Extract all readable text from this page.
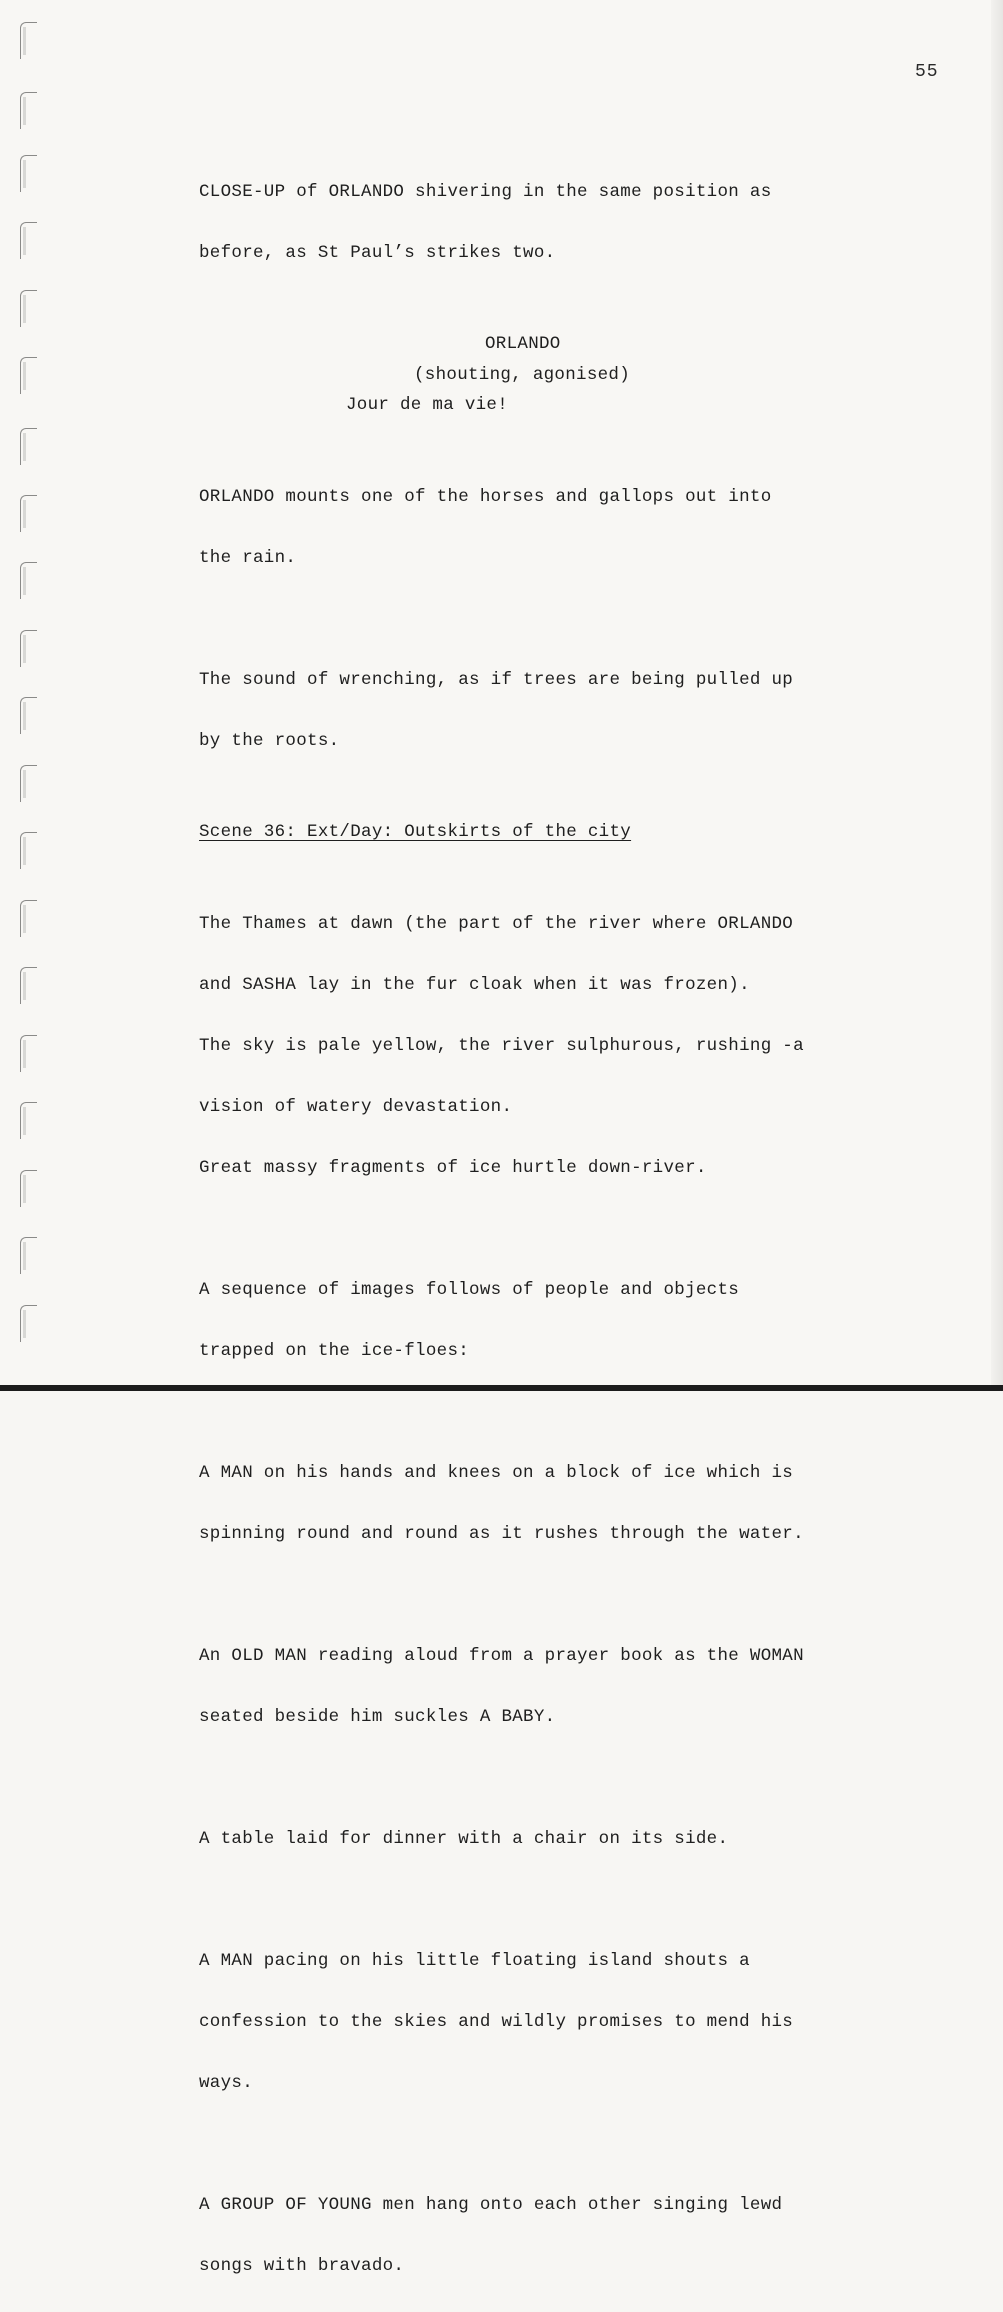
55

CLOSE-UP of ORLANDO shivering in the same position as

before, as St Paul’s strikes two.

ORLANDO

(shouting, agonised)

Jour de ma vie!

ORLANDO mounts one of the horses and gallops out into

the rain.

The sound of wrenching, as if trees are being pulled up

by the roots.

Scene 36: Ext/Day: Outskirts of the city

The Thames at dawn (the part of the river where ORLANDO

and SASHA lay in the fur cloak when it was frozen).

The sky is pale yellow, the river sulphurous, rushing -a

vision of watery devastation.

Great massy fragments of ice hurtle down-river.

A sequence of images follows of people and objects

trapped on the ice-floes:

A MAN on his hands and knees on a block of ice which is

spinning round and round as it rushes through the water.

An OLD MAN reading aloud from a prayer book as the WOMAN

seated beside him suckles A BABY.

A table laid for dinner with a chair on its side.

A MAN pacing on his little floating island shouts a

confession to the skies and wildly promises to mend his

ways.

A GROUP OF YOUNG men hang onto each other singing lewd

songs with bravado.
